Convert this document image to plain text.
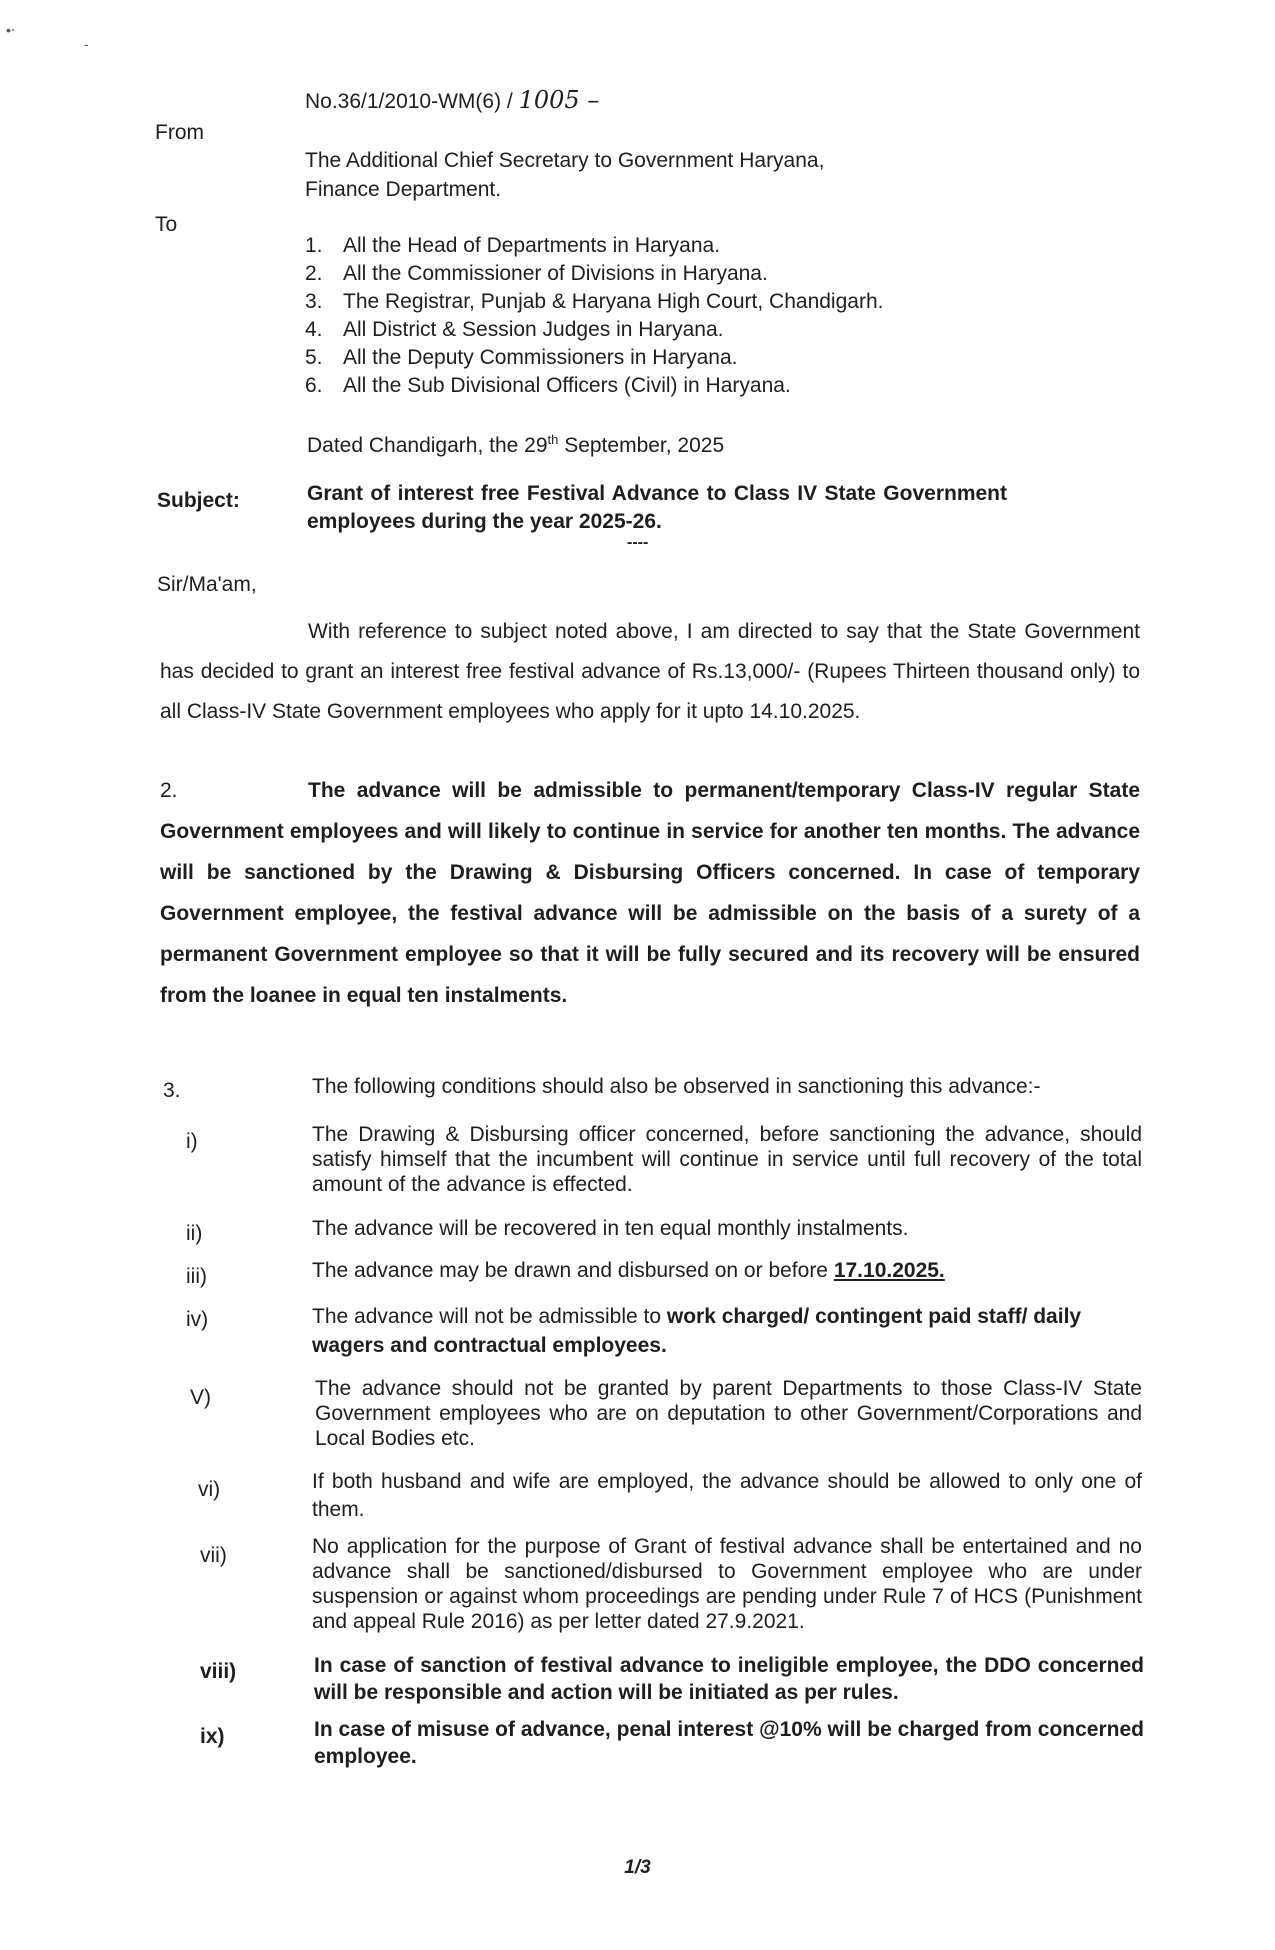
•‧
-
No.36/1/2010-WM(6) / 1005 –
From
The Additional Chief Secretary to Government Haryana,
Finance Department.
To
1. All the Head of Departments in Haryana.
2. All the Commissioner of Divisions in Haryana.
3. The Registrar, Punjab & Haryana High Court, Chandigarh.
4. All District & Session Judges in Haryana.
5. All the Deputy Commissioners in Haryana.
6. All the Sub Divisional Officers (Civil) in Haryana.
Dated Chandigarh, the 29th September, 2025
Subject:	Grant of interest free Festival Advance to Class IV State Government employees during the year 2025-26.
----
Sir/Ma'am,
With reference to subject noted above, I am directed to say that the State Government has decided to grant an interest free festival advance of Rs.13,000/- (Rupees Thirteen thousand only) to all Class-IV State Government employees who apply for it upto 14.10.2025.
2.	The advance will be admissible to permanent/temporary Class-IV regular State Government employees and will likely to continue in service for another ten months. The advance will be sanctioned by the Drawing & Disbursing Officers concerned. In case of temporary Government employee, the festival advance will be admissible on the basis of a surety of a permanent Government employee so that it will be fully secured and its recovery will be ensured from the loanee in equal ten instalments.
3.	The following conditions should also be observed in sanctioning this advance:-
i)	The Drawing & Disbursing officer concerned, before sanctioning the advance, should satisfy himself that the incumbent will continue in service until full recovery of the total amount of the advance is effected.
ii)	The advance will be recovered in ten equal monthly instalments.
iii)	The advance may be drawn and disbursed on or before 17.10.2025.
iv)	The advance will not be admissible to work charged/ contingent paid staff/ daily wagers and contractual employees.
V)	The advance should not be granted by parent Departments to those Class-IV State Government employees who are on deputation to other Government/Corporations and Local Bodies etc.
vi)	If both husband and wife are employed, the advance should be allowed to only one of them.
vii)	No application for the purpose of Grant of festival advance shall be entertained and no advance shall be sanctioned/disbursed to Government employee who are under suspension or against whom proceedings are pending under Rule 7 of HCS (Punishment and appeal Rule 2016) as per letter dated 27.9.2021.
viii)	In case of sanction of festival advance to ineligible employee, the DDO concerned will be responsible and action will be initiated as per rules.
ix)	In case of misuse of advance, penal interest @10% will be charged from concerned employee.
1/3
